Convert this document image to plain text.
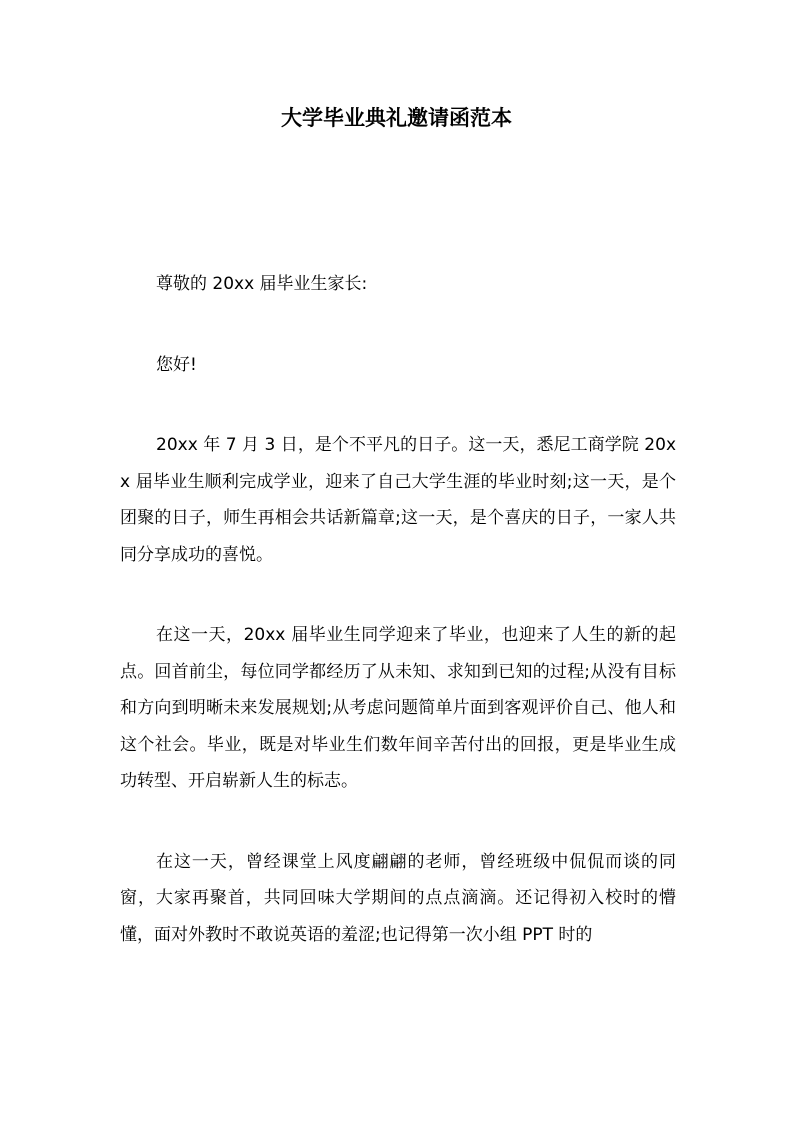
大学毕业典礼邀请函范本

尊敬的 20xx 届毕业生家长:

您好!

20xx 年 7 月 3 日，是个不平凡的日子。这一天，悉尼工商学院 20xx 届毕业生顺利完成学业，迎来了自己大学生涯的毕业时刻;这一天，是个团聚的日子，师生再相会共话新篇章;这一天，是个喜庆的日子，一家人共同分享成功的喜悦。

在这一天，20xx 届毕业生同学迎来了毕业，也迎来了人生的新的起点。回首前尘，每位同学都经历了从未知、求知到已知的过程;从没有目标和方向到明晰未来发展规划;从考虑问题简单片面到客观评价自己、他人和这个社会。毕业，既是对毕业生们数年间辛苦付出的回报，更是毕业生成功转型、开启崭新人生的标志。

在这一天，曾经课堂上风度翩翩的老师，曾经班级中侃侃而谈的同窗，大家再聚首，共同回味大学期间的点点滴滴。还记得初入校时的懵懂，面对外教时不敢说英语的羞涩;也记得第一次小组 PPT 时的
